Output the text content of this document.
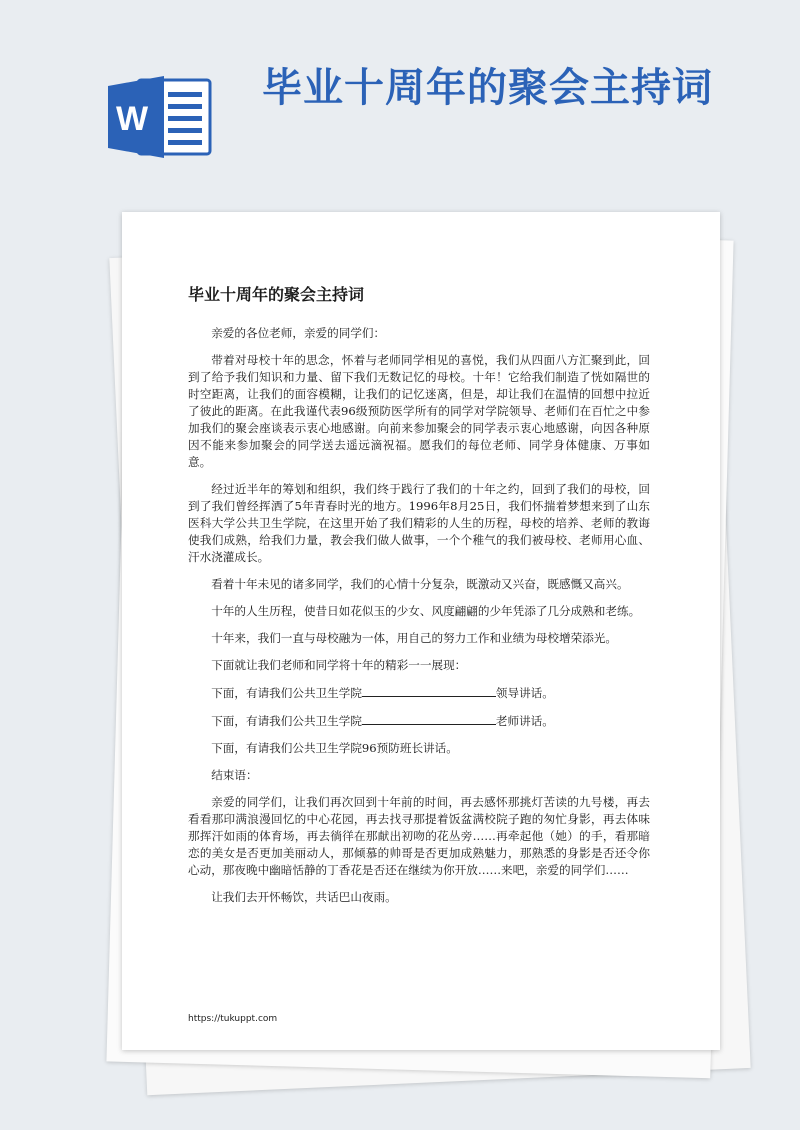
W
毕业十周年的聚会主持词
毕业十周年的聚会主持词

亲爱的各位老师，亲爱的同学们：

带着对母校十年的思念，怀着与老师同学相见的喜悦，我们从四面八方汇聚到此，回到了给予我们知识和力量、留下我们无数记忆的母校。十年！它给我们制造了恍如隔世的时空距离，让我们的面容模糊，让我们的记忆迷离，但是，却让我们在温情的回想中拉近了彼此的距离。在此我谨代表96级预防医学所有的同学对学院领导、老师们在百忙之中参加我们的聚会座谈表示衷心地感谢。向前来参加聚会的同学表示衷心地感谢，向因各种原因不能来参加聚会的同学送去遥远滴祝福。愿我们的每位老师、同学身体健康、万事如意。

经过近半年的筹划和组织，我们终于践行了我们的十年之约，回到了我们的母校，回到了我们曾经挥洒了5年青春时光的地方。1996年8月25日，我们怀揣着梦想来到了山东医科大学公共卫生学院，在这里开始了我们精彩的人生的历程，母校的培养、老师的教诲使我们成熟，给我们力量，教会我们做人做事，一个个稚气的我们被母校、老师用心血、汗水浇灌成长。

看着十年未见的诸多同学，我们的心情十分复杂，既激动又兴奋，既感慨又高兴。

十年的人生历程，使昔日如花似玉的少女、风度翩翩的少年凭添了几分成熟和老练。

十年来，我们一直与母校融为一体，用自己的努力工作和业绩为母校增荣添光。

下面就让我们老师和同学将十年的精彩一一展现：

下面，有请我们公共卫生学院	领导讲话。

下面，有请我们公共卫生学院	老师讲话。

下面，有请我们公共卫生学院96预防班长讲话。

结束语：

亲爱的同学们，让我们再次回到十年前的时间，再去感怀那挑灯苦读的九号楼，再去看看那印满浪漫回忆的中心花园，再去找寻那提着饭盆满校院子跑的匆忙身影，再去体味那挥汗如雨的体育场，再去徜徉在那献出初吻的花丛旁……再牵起他（她）的手，看那暗恋的美女是否更加美丽动人，那倾慕的帅哥是否更加成熟魅力，那熟悉的身影是否还令你心动，那夜晚中幽暗恬静的丁香花是否还在继续为你开放……来吧，亲爱的同学们……

让我们去开怀畅饮，共话巴山夜雨。

https://tukuppt.com
